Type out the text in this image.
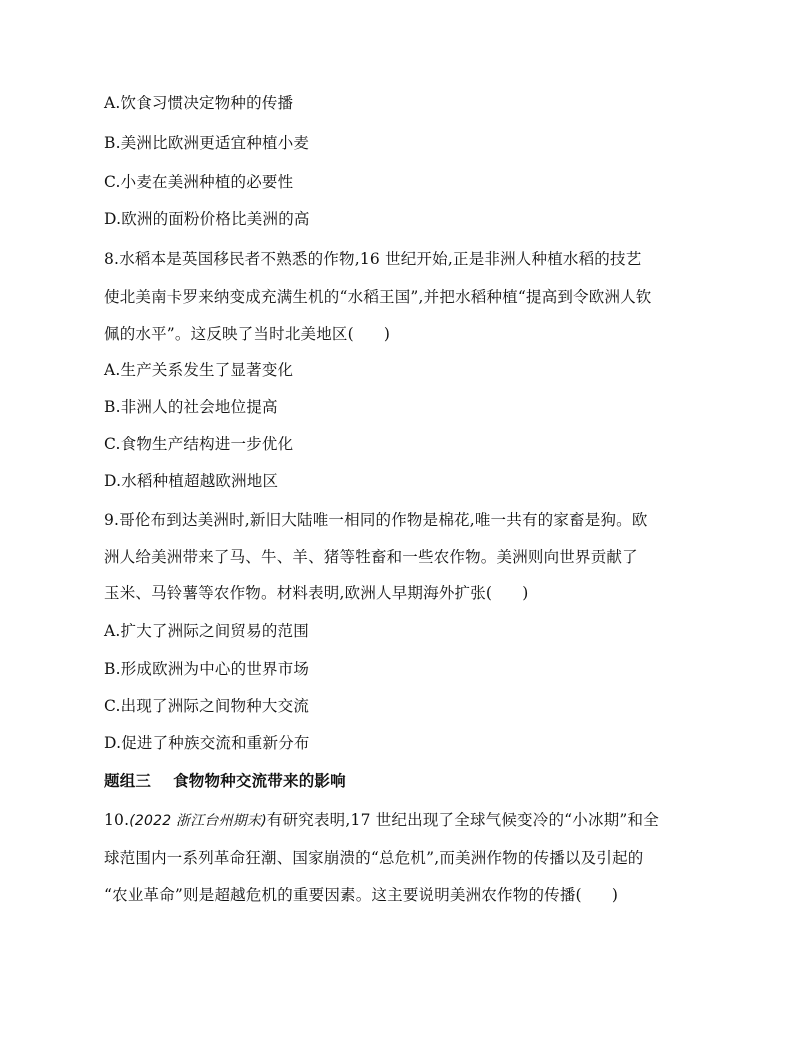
A.饮食习惯决定物种的传播
B.美洲比欧洲更适宜种植小麦
C.小麦在美洲种植的必要性
D.欧洲的面粉价格比美洲的高
8.水稻本是英国移民者不熟悉的作物,16 世纪开始,正是非洲人种植水稻的技艺
使北美南卡罗来纳变成充满生机的“水稻王国”,并把水稻种植“提高到令欧洲人钦
佩的水平”。这反映了当时北美地区( )
A.生产关系发生了显著变化
B.非洲人的社会地位提高
C.食物生产结构进一步优化
D.水稻种植超越欧洲地区
9.哥伦布到达美洲时,新旧大陆唯一相同的作物是棉花,唯一共有的家畜是狗。欧
洲人给美洲带来了马、牛、羊、猪等牲畜和一些农作物。美洲则向世界贡献了
玉米、马铃薯等农作物。材料表明,欧洲人早期海外扩张( )
A.扩大了洲际之间贸易的范围
B.形成欧洲为中心的世界市场
C.出现了洲际之间物种大交流
D.促进了种族交流和重新分布
题组三 食物物种交流带来的影响
10.(2022 浙江台州期末)有研究表明,17 世纪出现了全球气候变冷的“小冰期”和全
球范围内一系列革命狂潮、国家崩溃的“总危机”,而美洲作物的传播以及引起的
“农业革命”则是超越危机的重要因素。这主要说明美洲农作物的传播( )
